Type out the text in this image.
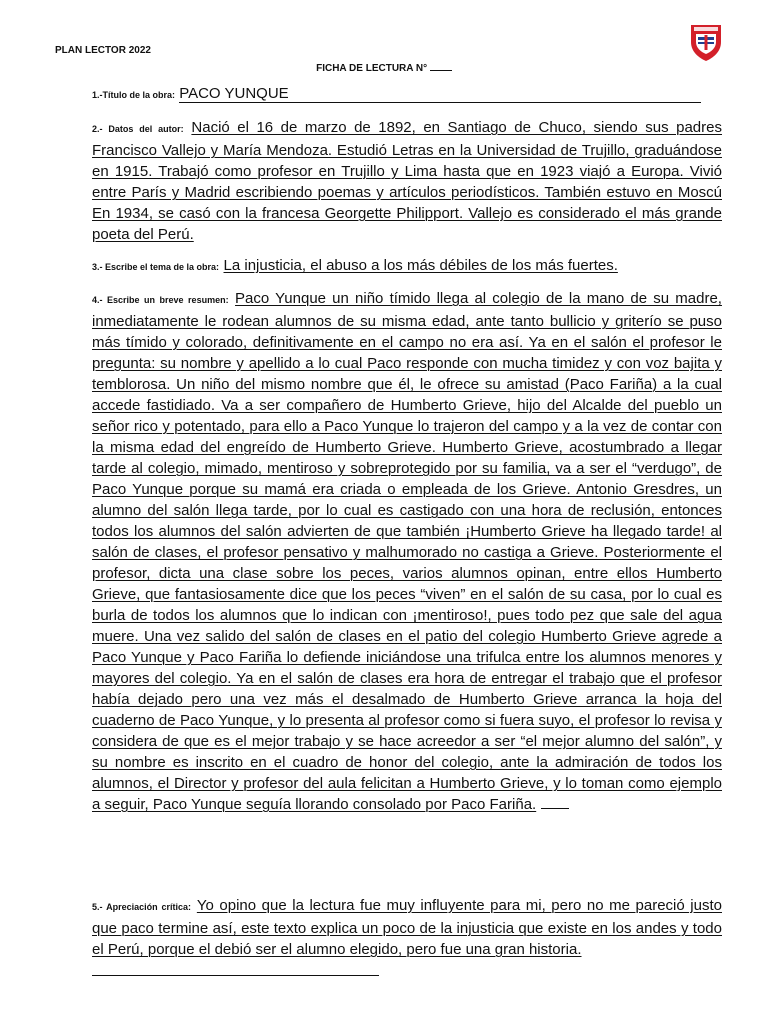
PLAN LECTOR 2022
FICHA DE LECTURA N°
1.-Título de la obra: PACO YUNQUE
2.- Datos del autor: Nació el 16 de marzo de 1892, en Santiago de Chuco, siendo sus padres Francisco Vallejo y María Mendoza. Estudió Letras en la Universidad de Trujillo, graduándose en 1915. Trabajó como profesor en Trujillo y Lima hasta que en 1923 viajó a Europa. Vivió entre París y Madrid escribiendo poemas y artículos periodísticos. También estuvo en Moscú En 1934, se casó con la francesa Georgette Philipport. Vallejo es considerado el más grande poeta del Perú.
3.- Escribe el tema de la obra: La injusticia, el abuso a los más débiles de los más fuertes.
4.- Escribe un breve resumen: Paco Yunque un niño tímido llega al colegio de la mano de su madre, inmediatamente le rodean alumnos de su misma edad, ante tanto bullicio y griterío se puso más tímido y colorado, definitivamente en el campo no era así. Ya en el salón el profesor le pregunta: su nombre y apellido a lo cual Paco responde con mucha timidez y con voz bajita y temblorosa. Un niño del mismo nombre que él, le ofrece su amistad (Paco Fariña) a la cual accede fastidiado. Va a ser compañero de Humberto Grieve, hijo del Alcalde del pueblo un señor rico y potentado, para ello a Paco Yunque lo trajeron del campo y a la vez de contar con la misma edad del engreído de Humberto Grieve. Humberto Grieve, acostumbrado a llegar tarde al colegio, mimado, mentiroso y sobreprotegido por su familia, va a ser el “verdugo”, de Paco Yunque porque su mamá era criada o empleada de los Grieve. Antonio Gresdres, un alumno del salón llega tarde, por lo cual es castigado con una hora de reclusión, entonces todos los alumnos del salón advierten de que también ¡Humberto Grieve ha llegado tarde! al salón de clases, el profesor pensativo y malhumorado no castiga a Grieve. Posteriormente el profesor, dicta una clase sobre los peces, varios alumnos opinan, entre ellos Humberto Grieve, que fantasiosamente dice que los peces “viven” en el salón de su casa, por lo cual es burla de todos los alumnos que lo indican con ¡mentiroso!, pues todo pez que sale del agua muere. Una vez salido del salón de clases en el patio del colegio Humberto Grieve agrede a Paco Yunque y Paco Fariña lo defiende iniciándose una trifulca entre los alumnos menores y mayores del colegio. Ya en el salón de clases era hora de entregar el trabajo que el profesor había dejado pero una vez más el desalmado de Humberto Grieve arranca la hoja del cuaderno de Paco Yunque, y lo presenta al profesor como si fuera suyo, el profesor lo revisa y considera de que es el mejor trabajo y se hace acreedor a ser “el mejor alumno del salón”, y su nombre es inscrito en el cuadro de honor del colegio, ante la admiración de todos los alumnos, el Director y profesor del aula felicitan a Humberto Grieve, y lo toman como ejemplo a seguir, Paco Yunque seguía llorando consolado por Paco Fariña.
5.- Apreciación crítica: Yo opino que la lectura fue muy influyente para mi, pero no me pareció justo que paco termine así, este texto explica un poco de la injusticia que existe en los andes y todo el Perú, porque el debió ser el alumno elegido, pero fue una gran historia.
